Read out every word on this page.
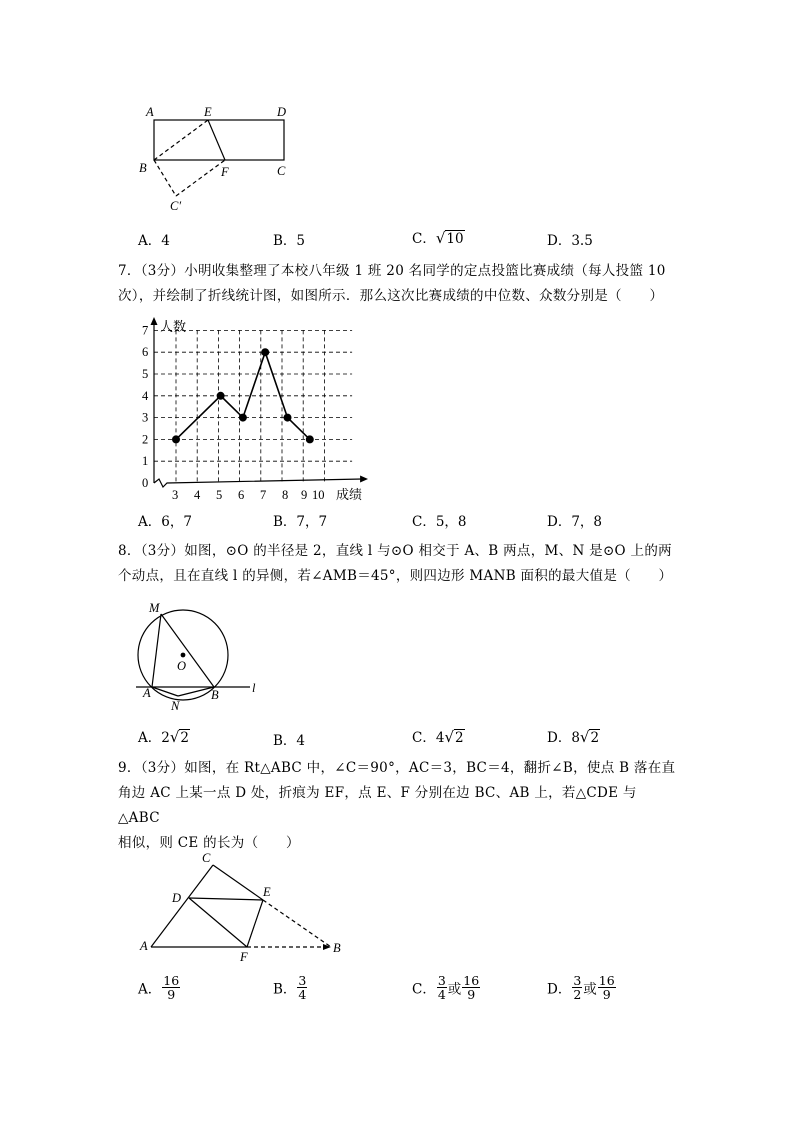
A	E	D
B	F	C
C′
A．4	B．5	C．√10	D．3.5
7．（3分）小明收集整理了本校八年级 1 班 20 名同学的定点投篮比赛成绩（每人投篮 10
次），并绘制了折线统计图，如图所示．那么这次比赛成绩的中位数、众数分别是（　　）
0
1
2
3
4
5
6
7
3 4 5 6 7 8 9 10
人数
成绩
A．6，7	B．7，7	C．5，8	D．7，8
8．（3分）如图，⊙O 的半径是 2，直线 l 与⊙O 相交于 A、B 两点，M、N 是⊙O 上的两
个动点，且在直线 l 的异侧，若∠AMB＝45°，则四边形 MANB 面积的最大值是（　　）
M
O
A	B
N
l
A．2√2	B．4	C．4√2	D．8√2
9．（3分）如图，在 Rt△ABC 中，∠C＝90°，AC＝3，BC＝4，翻折∠B，使点 B 落在直
角边 AC 上某一点 D 处，折痕为 EF，点 E、F 分别在边 BC、AB 上，若△CDE 与△ABC
相似，则 CE 的长为（　　）
C
D	E
A
F
B
A． $\frac{16}{9}$	B． $\frac{3}{4}$	C． $\frac{3}{4}$ 或 $\frac{16}{9}$	D． $\frac{3}{2}$ 或 $\frac{16}{9}$
